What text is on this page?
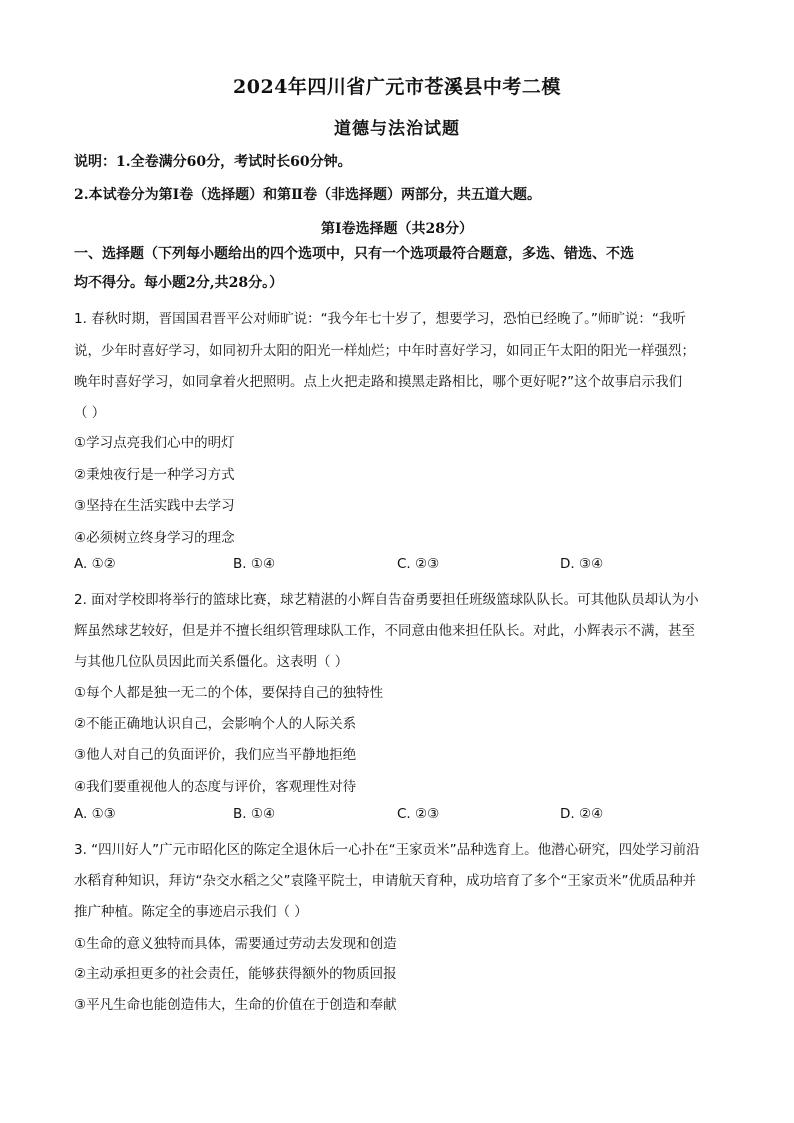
2024年四川省广元市苍溪县中考二模
道德与法治试题
说明：1.全卷满分60分，考试时长60分钟。
2.本试卷分为第Ⅰ卷（选择题）和第Ⅱ卷（非选择题）两部分，共五道大题。
第Ⅰ卷选择题（共28分）
一、选择题（下列每小题给出的四个选项中，只有一个选项最符合题意，多选、错选、不选
均不得分。每小题2分,共28分。）
1. 春秋时期，晋国国君晋平公对师旷说：“我今年七十岁了，想要学习，恐怕已经晚了。”师旷说：“我听
说，少年时喜好学习，如同初升太阳的阳光一样灿烂；中年时喜好学习，如同正午太阳的阳光一样强烈；
晚年时喜好学习，如同拿着火把照明。点上火把走路和摸黑走路相比，哪个更好呢?”这个故事启示我们
（ ）
①学习点亮我们心中的明灯
②秉烛夜行是一种学习方式
③坚持在生活实践中去学习
④必须树立终身学习的理念
A. ①②	B. ①④	C. ②③	D. ③④
2. 面对学校即将举行的篮球比赛，球艺精湛的小辉自告奋勇要担任班级篮球队队长。可其他队员却认为小
辉虽然球艺较好，但是并不擅长组织管理球队工作，不同意由他来担任队长。对此，小辉表示不满，甚至
与其他几位队员因此而关系僵化。这表明（ ）
①每个人都是独一无二的个体，要保持自己的独特性
②不能正确地认识自己，会影响个人的人际关系
③他人对自己的负面评价，我们应当平静地拒绝
④我们要重视他人的态度与评价，客观理性对待
A. ①③	B. ①④	C. ②③	D. ②④
3. “四川好人”广元市昭化区的陈定全退休后一心扑在“王家贡米”品种选育上。他潜心研究，四处学习前沿
水稻育种知识，拜访“杂交水稻之父”袁隆平院士，申请航天育种，成功培育了多个“王家贡米”优质品种并
推广种植。陈定全的事迹启示我们（ ）
①生命的意义独特而具体，需要通过劳动去发现和创造
②主动承担更多的社会责任，能够获得额外的物质回报
③平凡生命也能创造伟大，生命的价值在于创造和奉献
